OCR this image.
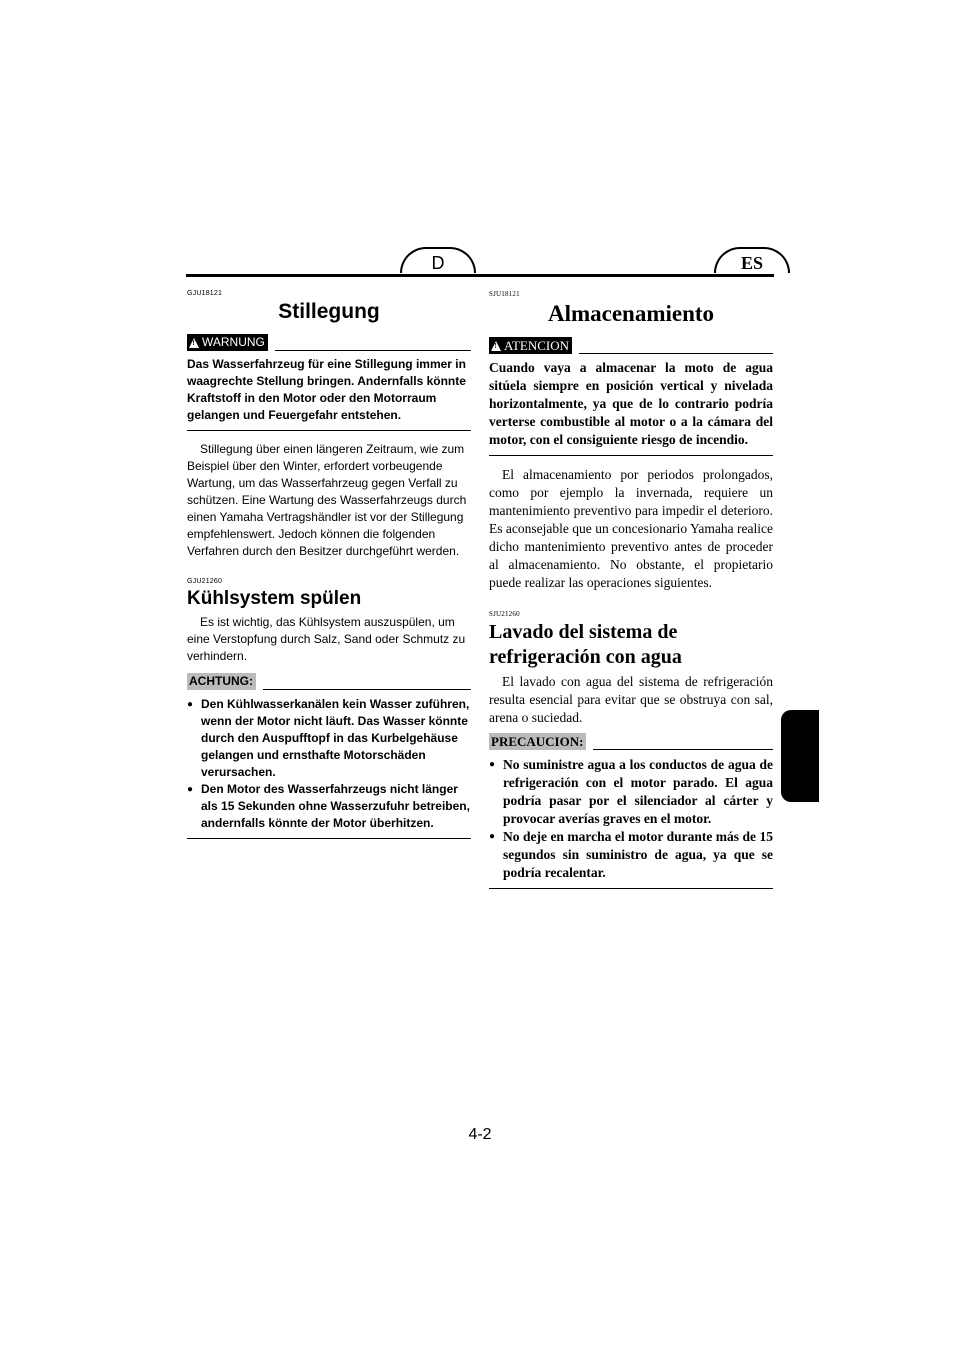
D	ES

GJU18121

Stillegung
!
WARNUNG

Das Wasserfahrzeug für eine Stillegung immer in waagrechte Stellung bringen. Andernfalls könnte Kraftstoff in den Motor oder den Motorraum gelangen und Feuergefahr entstehen.

Stillegung über einen längeren Zeitraum, wie zum Beispiel über den Winter, erfordert vorbeugende Wartung, um das Wasserfahrzeug gegen Verfall zu schützen. Eine Wartung des Wasserfahrzeugs durch einen Yamaha Vertragshändler ist vor der Stillegung empfehlenswert. Jedoch können die folgenden Verfahren durch den Besitzer durchgeführt werden.

GJU21260

Kühlsystem spülen

Es ist wichtig, das Kühlsystem auszuspülen, um eine Verstopfung durch Salz, Sand oder Schmutz zu verhindern.

ACHTUNG:
● Den Kühlwasserkanälen kein Wasser zuführen, wenn der Motor nicht läuft. Das Wasser könnte durch den Auspufftopf in das Kurbelgehäuse gelangen und ernsthafte Motorschäden verursachen.
● Den Motor des Wasserfahrzeugs nicht länger als 15 Sekunden ohne Wasserzufuhr betreiben, andernfalls könnte der Motor überhitzen.

SJU18121

Almacenamiento
!
ATENCION

Cuando vaya a almacenar la moto de agua sitúela siempre en posición vertical y nivelada horizontalmente, ya que de lo contrario podría verterse combustible al motor o a la cámara del motor, con el consiguiente riesgo de incendio.

El almacenamiento por periodos prolongados, como por ejemplo la invernada, requiere un mantenimiento preventivo para impedir el deterioro. Es aconsejable que un concesionario Yamaha realice dicho mantenimiento preventivo antes de proceder al almacenamiento. No obstante, el propietario puede realizar las operaciones siguientes.

SJU21260

Lavado del sistema de refrigeración con agua

El lavado con agua del sistema de refrigeración resulta esencial para evitar que se obstruya con sal, arena o suciedad.

PRECAUCION:
● No suministre agua a los conductos de agua de refrigeración con el motor parado. El agua podría pasar por el silenciador al cárter y provocar averías graves en el motor.
● No deje en marcha el motor durante más de 15 segundos sin suministro de agua, ya que se podría recalentar.
4-2
